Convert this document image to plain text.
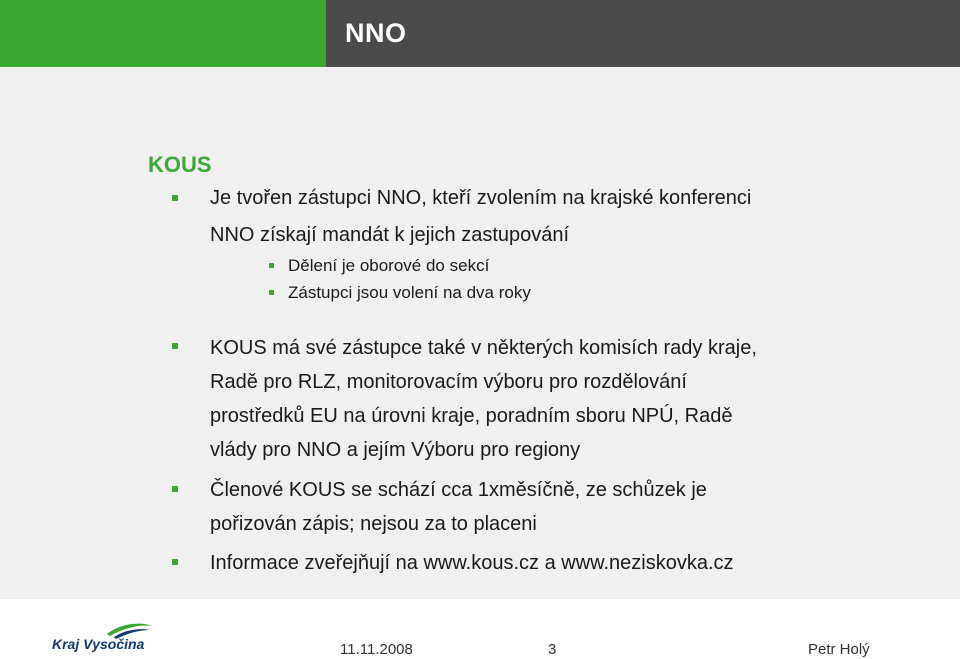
NNO
KOUS
Je tvořen zástupci NNO, kteří zvolením na krajské konferenci
NNO získají mandát k jejich zastupování
Dělení je oborové do sekcí
Zástupci jsou volení na dva roky
KOUS má své zástupce také v některých komisích rady kraje,
Radě pro RLZ, monitorovacím výboru pro rozdělování
prostředků EU na úrovni kraje, poradním sboru NPÚ, Radě
vlády pro NNO a jejím Výboru pro regiony
Členové KOUS se schází cca 1xměsíčně, ze schůzek je
pořizován zápis; nejsou za to placeni
Informace zveřejňují na www.kous.cz a www.neziskovka.cz
Kraj Vysočina	11.11.2008	3	Petr Holý
